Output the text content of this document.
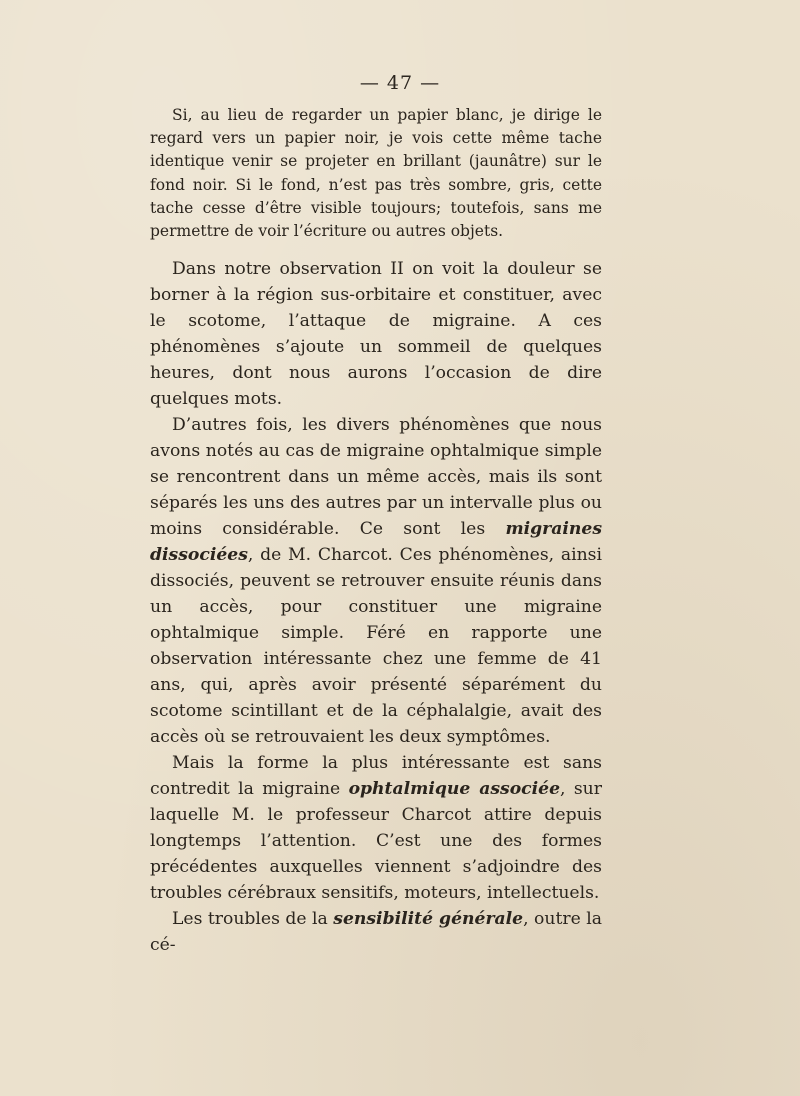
— 47 —

Si, au lieu de regarder un papier blanc, je dirige le regard vers un papier noir, je vois cette même tache identique venir se projeter en brillant (jaunâtre) sur le fond noir. Si le fond, n’est pas très sombre, gris, cette tache cesse d’être visible toujours; toutefois, sans me permettre de voir l’écriture ou autres objets.

Dans notre observation II on voit la douleur se borner à la région sus-orbitaire et constituer, avec le scotome, l’attaque de migraine. A ces phénomènes s’ajoute un sommeil de quelques heures, dont nous aurons l’occasion de dire quelques mots.

D’autres fois, les divers phénomènes que nous avons notés au cas de migraine ophtalmique simple se rencontrent dans un même accès, mais ils sont séparés les uns des autres par un intervalle plus ou moins considérable. Ce sont les migraines dissociées, de M. Charcot. Ces phénomènes, ainsi dissociés, peuvent se retrouver ensuite réunis dans un accès, pour constituer une migraine ophtalmique simple. Féré en rapporte une observation intéressante chez une femme de 41 ans, qui, après avoir présenté séparément du scotome scintillant et de la céphalalgie, avait des accès où se retrouvaient les deux symptômes.

Mais la forme la plus intéressante est sans contredit la migraine ophtalmique associée, sur laquelle M. le professeur Charcot attire depuis longtemps l’attention. C’est une des formes précédentes auxquelles viennent s’adjoindre des troubles cérébraux sensitifs, moteurs, intellectuels.

Les troubles de la sensibilité générale, outre la cé-
